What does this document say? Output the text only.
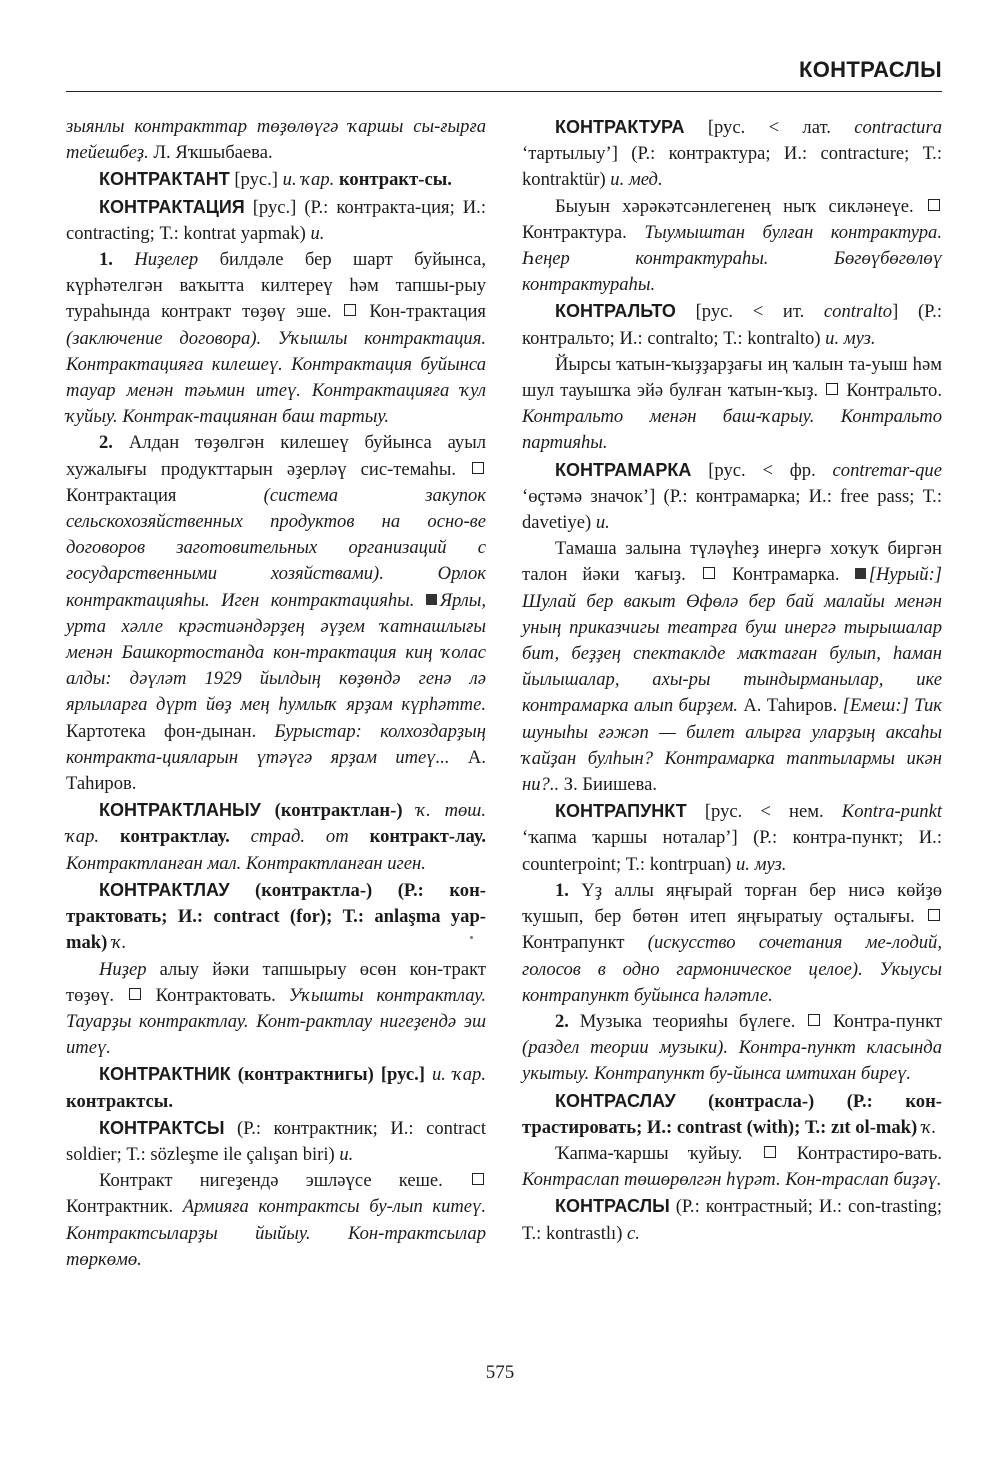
КОНТРАСЛЫ

зыянлы контракттар төҙөлөүгә ҡаршы сы-ғырға тейешбеҙ. Л. Яҡшыбаева.

КОНТРАКТАНТ [рус.] и. ҡар. контракт-сы.

КОНТРАКТАЦИЯ [рус.] (Р.: контракта-ция; И.: contracting; Т.: kontrat yapmak) и.

1. Ниҙелер билдәле бер шарт буйынса, күрһәтелгән ваҡытта килтереү һәм тапшы-рыу тураһында контракт төҙөү эше.  Кон-трактация (заключение договора). Уҡышлы контрактация. Контрактацияға килешеү. Контрактация буйынса тауар менән тәьмин итеү. Контрактацияға ҡул ҡуйыу. Контрак-тациянан баш тартыу.

2. Алдан төҙөлгән килешеү буйынса ауыл хужалығы продукттарын әҙерләү сис-темаһы.  Контрактация (система закупок сельскохозяйственных продуктов на осно-ве договоров заготовительных организаций с государственными хозяйствами). Орлок контрактацияһы. Иген контрактацияһы. Ярлы, урта хәлле крәстиәндәрҙең әүҙем ҡатнашлығы менән Башкортостанда кон-трактация киң ҡолас алды: дәүләт 1929 йылдың көҙөндә генә лә ярлыларға дүрт йөҙ мең һумлыҡ ярҙам күрһәтте. Картотека фон-дынан. Бурыстар: колхоздарҙың контракта-цияларын үтәүгә ярҙам итеү... А. Таһиров.

КОНТРАКТЛАНЫУ (контрактлан-) ҡ. төш. ҡар. контрактлау. страд. от контракт-лау. Контрактланған мал. Контрактланған иген.

КОНТРАКТЛАУ (контрактла-) (Р.: кон-трактовать; И.: contract (for); Т.: anlaşma yap-mak) ҡ.

Ниҙер алыу йәки тапшырыу өсөн кон-тракт төҙөү.  Контрактовать. Уҡышты контрактлау. Тауарҙы контрактлау. Конт-рактлау нигеҙендә эш итеү.

КОНТРАКТНИК (контрактнигы) [рус.] и. ҡар. контрактсы.

КОНТРАКТСЫ (Р.: контрактник; И.: contract soldier; Т.: sözleşme ile çalışan biri) и.

Контракт нигеҙендә эшләүсе кеше.  Контрактник. Армияға контрактсы бу-лып китеү. Контрактсыларҙы йыйыу. Кон-трактсылар төркөмө.

КОНТРАКТУРА [рус. < лат. contractura ‘тартылыу’] (Р.: контрактура; И.: contracture; Т.: kontraktür) и. мед.

Быуын хәрәкәтсәнлегенең ныҡ сикләнеүе.  Контрактура. Тыумыштан булған контрактура. Һеңер контрактураһы. Бөгөүбөгөлөү контрактураһы.

КОНТРАЛЬТО [рус. < ит. contralto] (Р.: контральто; И.: contralto; Т.: kontralto) и. муз.

Йырсы ҡатын-ҡыҙҙарҙағы иң ҡалын та-уыш һәм шул тауышҡа эйә булған ҡатын-ҡыҙ.  Контральто. Контральто менән баш-ҡарыу. Контральто партияһы.

КОНТРАМАРКА [рус. < фр. contremar-que ‘өҫтәмә значок’] (Р.: контрамарка; И.: free pass; Т.: davetiye) и.

Тамаша залына түләүһеҙ инергә хоҡуҡ биргән талон йәки ҡағыҙ.  Контрамарка. [Нурый:] Шулай бер вакыт Өфөлә бер бай малайы менән уның приказчигы театрға буш инергә тырышалар бит, беҙҙең спектаклде маҡтаған булып, һаман йылышалар, ахы-ры тындырманылар, ике контрамарка алып бирҙем. А. Таһиров. [Емеш:] Тик шуныһы ғәжәп — билет алырға уларҙың аксаһы ҡайҙан булһын? Контрамарка таптылармы икән ни?.. З. Биишева.

КОНТРАПУНКТ [рус. < нем. Kontra-punkt ‘ҡапма ҡаршы ноталар’] (Р.: контра-пункт; И.: counterpoint; Т.: kontrpuan) и. муз.

1. Үҙ аллы яңғырай торған бер нисә көйҙө ҡушып, бер бөтөн итеп яңғыратыу оҫталығы.  Контрапункт (искусство сочетания ме-лодий, голосов в одно гармоническое целое). Укыусы контрапункт буйынса һәләтле.

2. Музыка теорияһы бүлеге.  Контра-пункт (раздел теории музыки). Контра-пункт класында укытыу. Контрапункт бу-йынса имтихан биреү.

КОНТРАСЛАУ (контрасла-) (Р.: кон-трастировать; И.: contrast (with); Т.: zıt ol-mak) ҡ.

Ҡапма-ҡаршы ҡуйыу.  Контрастиро-вать. Контраслап төшөрөлгән һүрәт. Кон-траслап биҙәү.

КОНТРАСЛЫ (Р.: контрастный; И.: con-trasting; Т.: kontrastlı) с.

575
